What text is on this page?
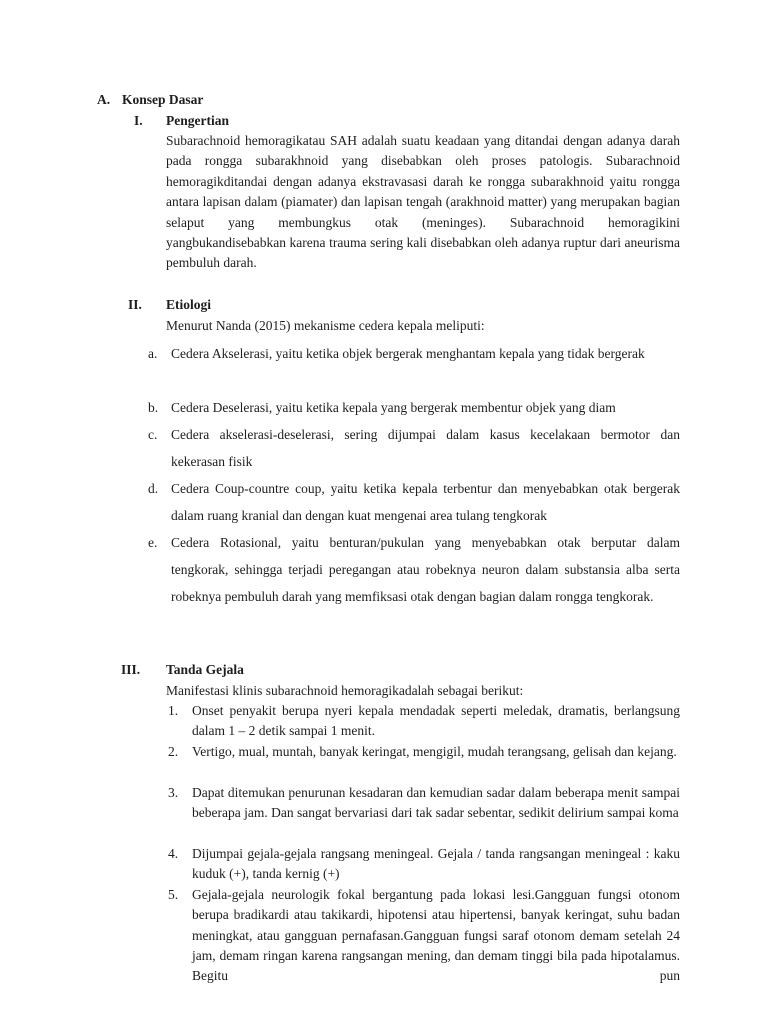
A. Konsep Dasar
I. Pengertian
Subarachnoid hemoragikatau SAH adalah suatu keadaan yang ditandai dengan adanya darah pada rongga subarakhnoid yang disebabkan oleh proses patologis. Subarachnoid hemoragikditandai dengan adanya ekstravasasi darah ke rongga subarakhnoid yaitu rongga antara lapisan dalam (piamater) dan lapisan tengah (arakhnoid matter) yang merupakan bagian selaput yang membungkus otak (meninges). Subarachnoid hemoragikini yangbukandisebabkan karena trauma sering kali disebabkan oleh adanya ruptur dari aneurisma pembuluh darah.
II. Etiologi
Menurut Nanda (2015) mekanisme cedera kepala meliputi:
a. Cedera Akselerasi, yaitu ketika objek bergerak menghantam kepala yang tidak bergerak
b. Cedera Deselerasi, yaitu ketika kepala yang bergerak membentur objek yang diam
c. Cedera akselerasi-deselerasi, sering dijumpai dalam kasus kecelakaan bermotor dan kekerasan fisik
d. Cedera Coup-countre coup, yaitu ketika kepala terbentur dan menyebabkan otak bergerak dalam ruang kranial dan dengan kuat mengenai area tulang tengkorak
e. Cedera Rotasional, yaitu benturan/pukulan yang menyebabkan otak berputar dalam tengkorak, sehingga terjadi peregangan atau robeknya neuron dalam substansia alba serta robeknya pembuluh darah yang memfiksasi otak dengan bagian dalam rongga tengkorak.
III. Tanda Gejala
Manifestasi klinis subarachnoid hemoragikadalah sebagai berikut:
1. Onset penyakit berupa nyeri kepala mendadak seperti meledak, dramatis, berlangsung dalam 1 – 2 detik sampai 1 menit.
2. Vertigo, mual, muntah, banyak keringat, mengigil, mudah terangsang, gelisah dan kejang.
3. Dapat ditemukan penurunan kesadaran dan kemudian sadar dalam beberapa menit sampai beberapa jam. Dan sangat bervariasi dari tak sadar sebentar, sedikit delirium sampai koma
4. Dijumpai gejala-gejala rangsang meningeal. Gejala / tanda rangsangan meningeal : kaku kuduk (+), tanda kernig (+)
5. Gejala-gejala neurologik fokal bergantung pada lokasi lesi.Gangguan fungsi otonom berupa bradikardi atau takikardi, hipotensi atau hipertensi, banyak keringat, suhu badan meningkat, atau gangguan pernafasan.Gangguan fungsi saraf otonom demam setelah 24 jam, demam ringan karena rangsangan mening, dan demam tinggi bila pada hipotalamus. Begitu pun
